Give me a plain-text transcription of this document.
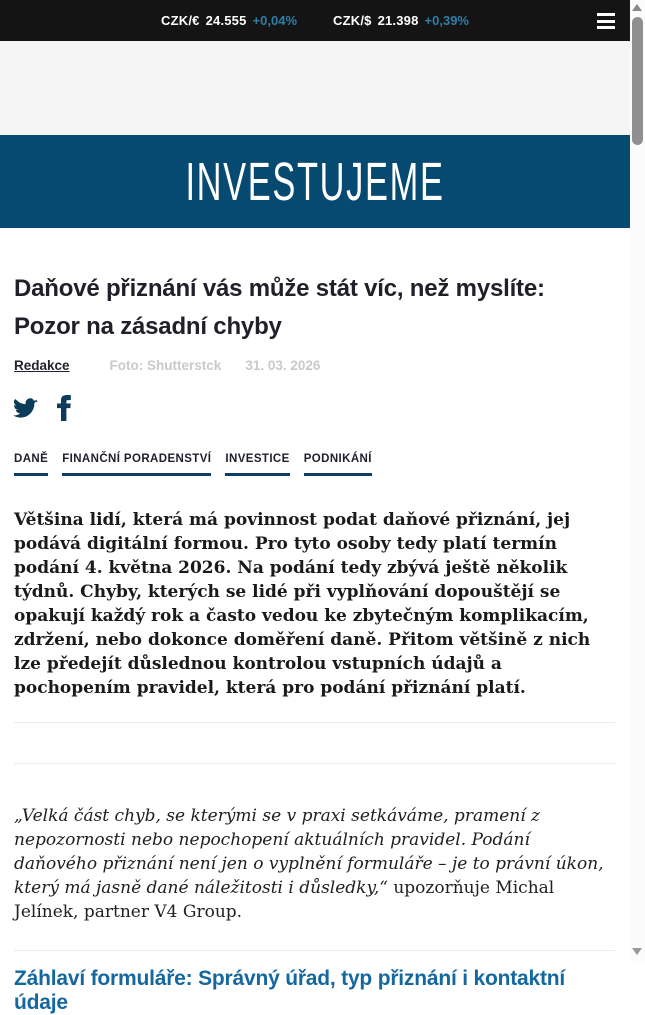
CZK/€ 24.555 +0,04%	CZK/$ 21.398 +0,39%
INVESTUJEME
Daňové přiznání vás může stát víc, než myslíte: Pozor na zásadní chyby
Redakce	Foto: Shutterstck 31. 03. 2026
DANĚ FINANČNÍ PORADENSTVÍ INVESTICE PODNIKÁNÍ

Většina lidí, která má povinnost podat daňové přiznání, jej podává digitální formou. Pro tyto osoby tedy platí termín podání 4. května 2026. Na podání tedy zbývá ještě několik týdnů. Chyby, kterých se lidé při vyplňování dopouštějí se opakují každý rok a často vedou ke zbytečným komplikacím, zdržení, nebo dokonce doměření daně. Přitom většině z nich lze předejít důslednou kontrolou vstupních údajů a pochopením pravidel, která pro podání přiznání platí.

„Velká část chyb, se kterými se v praxi setkáváme, pramení z nepozornosti nebo nepochopení aktuálních pravidel. Podání daňového přiznání není jen o vyplnění formuláře – je to právní úkon, který má jasně dané náležitosti i důsledky,“ upozorňuje Michal Jelínek, partner V4 Group.

Záhlaví formuláře: Správný úřad, typ přiznání i kontaktní údaje
